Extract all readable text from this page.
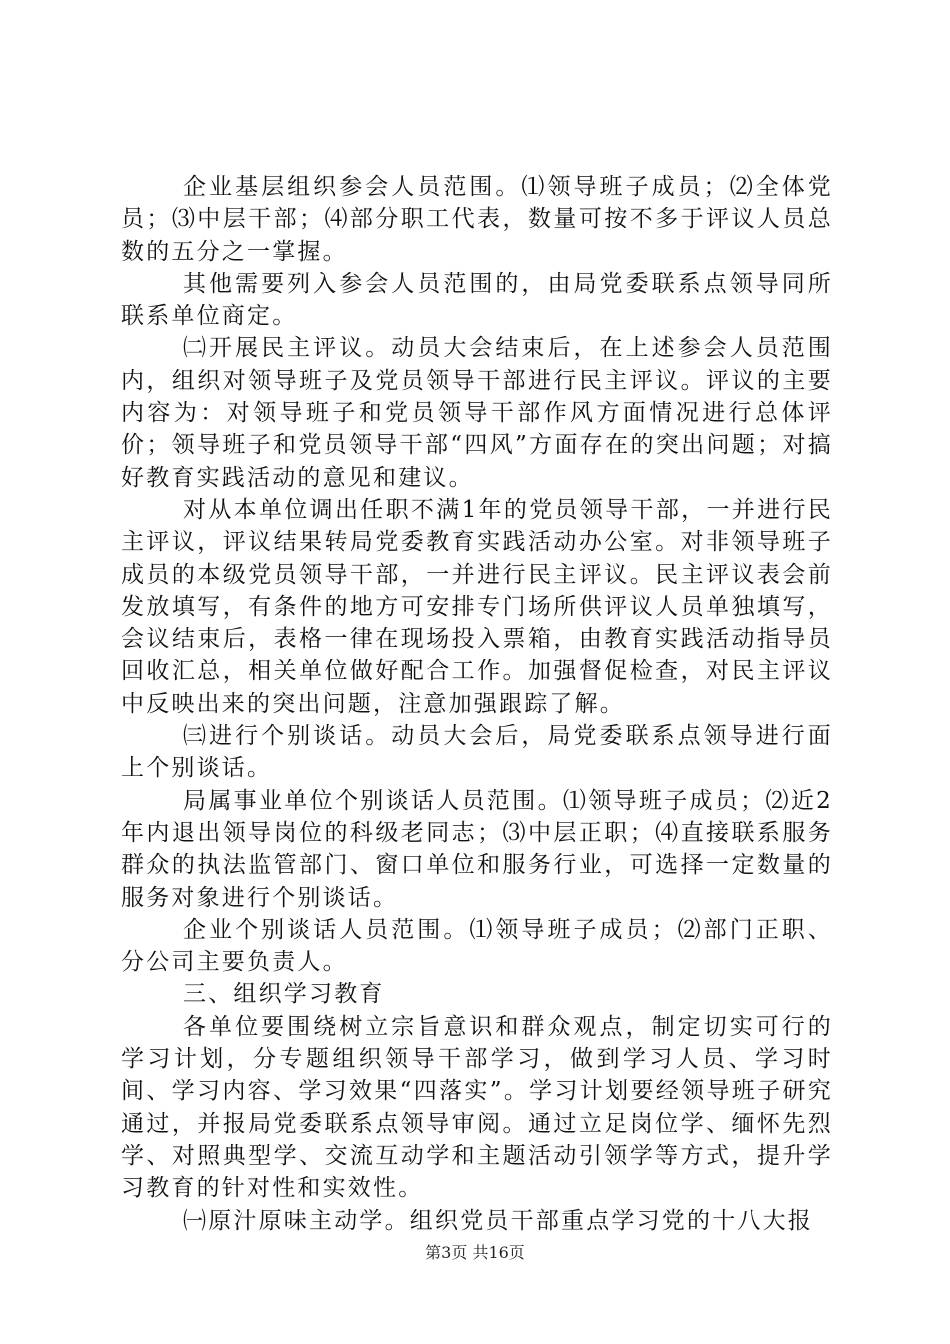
企业基层组织参会人员范围。⑴领导班子成员；⑵全体党员；⑶中层干部；⑷部分职工代表，数量可按不多于评议人员总数的五分之一掌握。

其他需要列入参会人员范围的，由局党委联系点领导同所联系单位商定。

㈡开展民主评议。动员大会结束后，在上述参会人员范围内，组织对领导班子及党员领导干部进行民主评议。评议的主要内容为：对领导班子和党员领导干部作风方面情况进行总体评价；领导班子和党员领导干部“四风”方面存在的突出问题；对搞好教育实践活动的意见和建议。

对从本单位调出任职不满1年的党员领导干部，一并进行民主评议，评议结果转局党委教育实践活动办公室。对非领导班子成员的本级党员领导干部，一并进行民主评议。民主评议表会前发放填写，有条件的地方可安排专门场所供评议人员单独填写，会议结束后，表格一律在现场投入票箱，由教育实践活动指导员回收汇总，相关单位做好配合工作。加强督促检查，对民主评议中反映出来的突出问题，注意加强跟踪了解。

㈢进行个别谈话。动员大会后，局党委联系点领导进行面上个别谈话。

局属事业单位个别谈话人员范围。⑴领导班子成员；⑵近2年内退出领导岗位的科级老同志；⑶中层正职；⑷直接联系服务群众的执法监管部门、窗口单位和服务行业，可选择一定数量的服务对象进行个别谈话。

企业个别谈话人员范围。⑴领导班子成员；⑵部门正职、分公司主要负责人。

三、组织学习教育

各单位要围绕树立宗旨意识和群众观点，制定切实可行的学习计划，分专题组织领导干部学习，做到学习人员、学习时间、学习内容、学习效果“四落实”。学习计划要经领导班子研究通过，并报局党委联系点领导审阅。通过立足岗位学、缅怀先烈学、对照典型学、交流互动学和主题活动引领学等方式，提升学习教育的针对性和实效性。

㈠原汁原味主动学。组织党员干部重点学习党的十八大报

第3页 共16页
